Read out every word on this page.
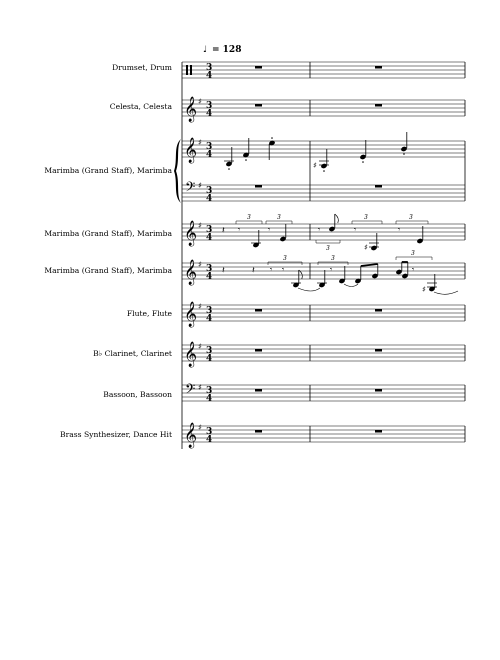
♩ = 128
Drumset, Drum
Celesta, Celesta
Marimba (Grand Staff), Marimba
Marimba (Grand Staff), Marimba
Marimba (Grand Staff), Marimba
Flute, Flute
B♭ Clarinet, Clarinet
Bassoon, Bassoon
Brass Synthesizer, Dance Hit
𝄞
𝄞
𝄢
𝄞
𝄞
𝄞
𝄞
𝄢
𝄞
♯
♯
♯
♯
♯
♯
♯
♯
♯
3
4
3
4
3
4
3
4
3
4
3
4
3
4
3
4
3
4
3
4
♯
𝄽 𝄾	𝄾
3	3
𝄾
3
𝄾
♯
3
𝄾
3
𝄽	𝄽 𝄾 𝄾
3
𝄾
3
𝄾
3
♯
